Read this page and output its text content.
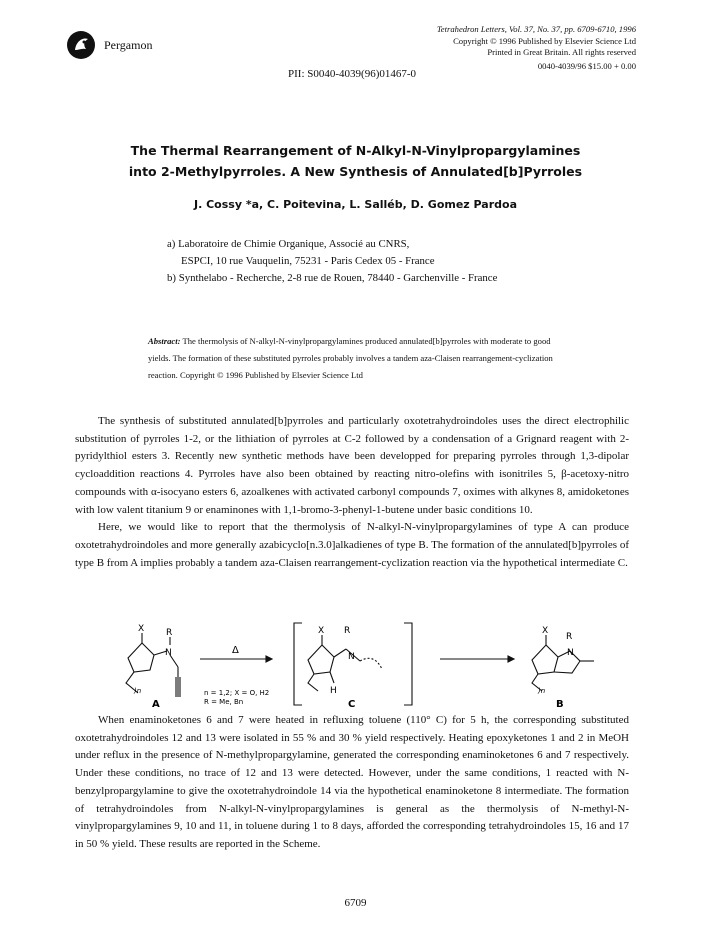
Pergamon
Tetrahedron Letters, Vol. 37, No. 37, pp. 6709-6710, 1996
Copyright © 1996 Published by Elsevier Science Ltd
Printed in Great Britain. All rights reserved
0040-4039/96 $15.00 + 0.00
PII: S0040-4039(96)01467-0
The Thermal Rearrangement of N-Alkyl-N-Vinylpropargylamines
into 2-Methylpyrroles. A New Synthesis of Annulated[b]Pyrroles
J. Cossy *a, C. Poitevina, L. Salléb, D. Gomez Pardoa
a) Laboratoire de Chimie Organique, Associé au CNRS,
ESPCI, 10 rue Vauquelin, 75231 - Paris Cedex 05 - France
b) Synthelabo - Recherche, 2-8 rue de Rouen, 78440 - Garchenville - France
Abstract: The thermolysis of N-alkyl-N-vinylpropargylamines produced annulated[b]pyrroles with moderate to good yields. The formation of these substituted pyrroles probably involves a tandem aza-Claisen rearrangement-cyclization reaction. Copyright © 1996 Published by Elsevier Science Ltd

The synthesis of substituted annulated[b]pyrroles and particularly oxotetrahydroindoles uses the direct electrophilic substitution of pyrroles 1-2, or the lithiation of pyrroles at C-2 followed by a condensation of a Grignard reagent with 2-pyridylthiol esters 3. Recently new synthetic methods have been developped for preparing pyrroles through 1,3-dipolar cycloaddition reactions 4. Pyrroles have also been obtained by reacting nitro-olefins with isonitriles 5, β-acetoxy-nitro compounds with α-isocyano esters 6, azoalkenes with activated carbonyl compounds 7, oximes with alkynes 8, amidoketones with low valent titanium 9 or enaminones with 1,1-bromo-3-phenyl-1-butene under basic conditions 10.

Here, we would like to report that the thermolysis of N-alkyl-N-vinylpropargylamines of type A can produce oxotetrahydroindoles and more generally azabicyclo[n.3.0]alkadienes of type B. The formation of the annulated[b]pyrroles of type B from A implies probably a tandem aza-Claisen rearrangement-cyclization reaction via the hypothetical intermediate C.

X R
N
)n
X R
N
H
X
R
N
)n
Δ
n = 1,2; X = O, H2
R = Me, Bn
A	C	B

When enaminoketones 6 and 7 were heated in refluxing toluene (110° C) for 5 h, the corresponding substituted oxotetrahydroindoles 12 and 13 were isolated in 55 % and 30 % yield respectively. Heating epoxyketones 1 and 2 in MeOH under reflux in the presence of N-methylpropargylamine, generated the corresponding enaminoketones 6 and 7 respectively. Under these conditions, no trace of 12 and 13 were detected. However, under the same conditions, 1 reacted with N-benzylpropargylamine to give the oxotetrahydroindole 14 via the hypothetical enaminoketone 8 intermediate. The formation of tetrahydroindoles from N-alkyl-N-vinylpropargylamines is general as the thermolysis of N-methyl-N-vinylpropargylamines 9, 10 and 11, in toluene during 1 to 8 days, afforded the corresponding tetrahydroindoles 15, 16 and 17 in 50 % yield. These results are reported in the Scheme.

6709
